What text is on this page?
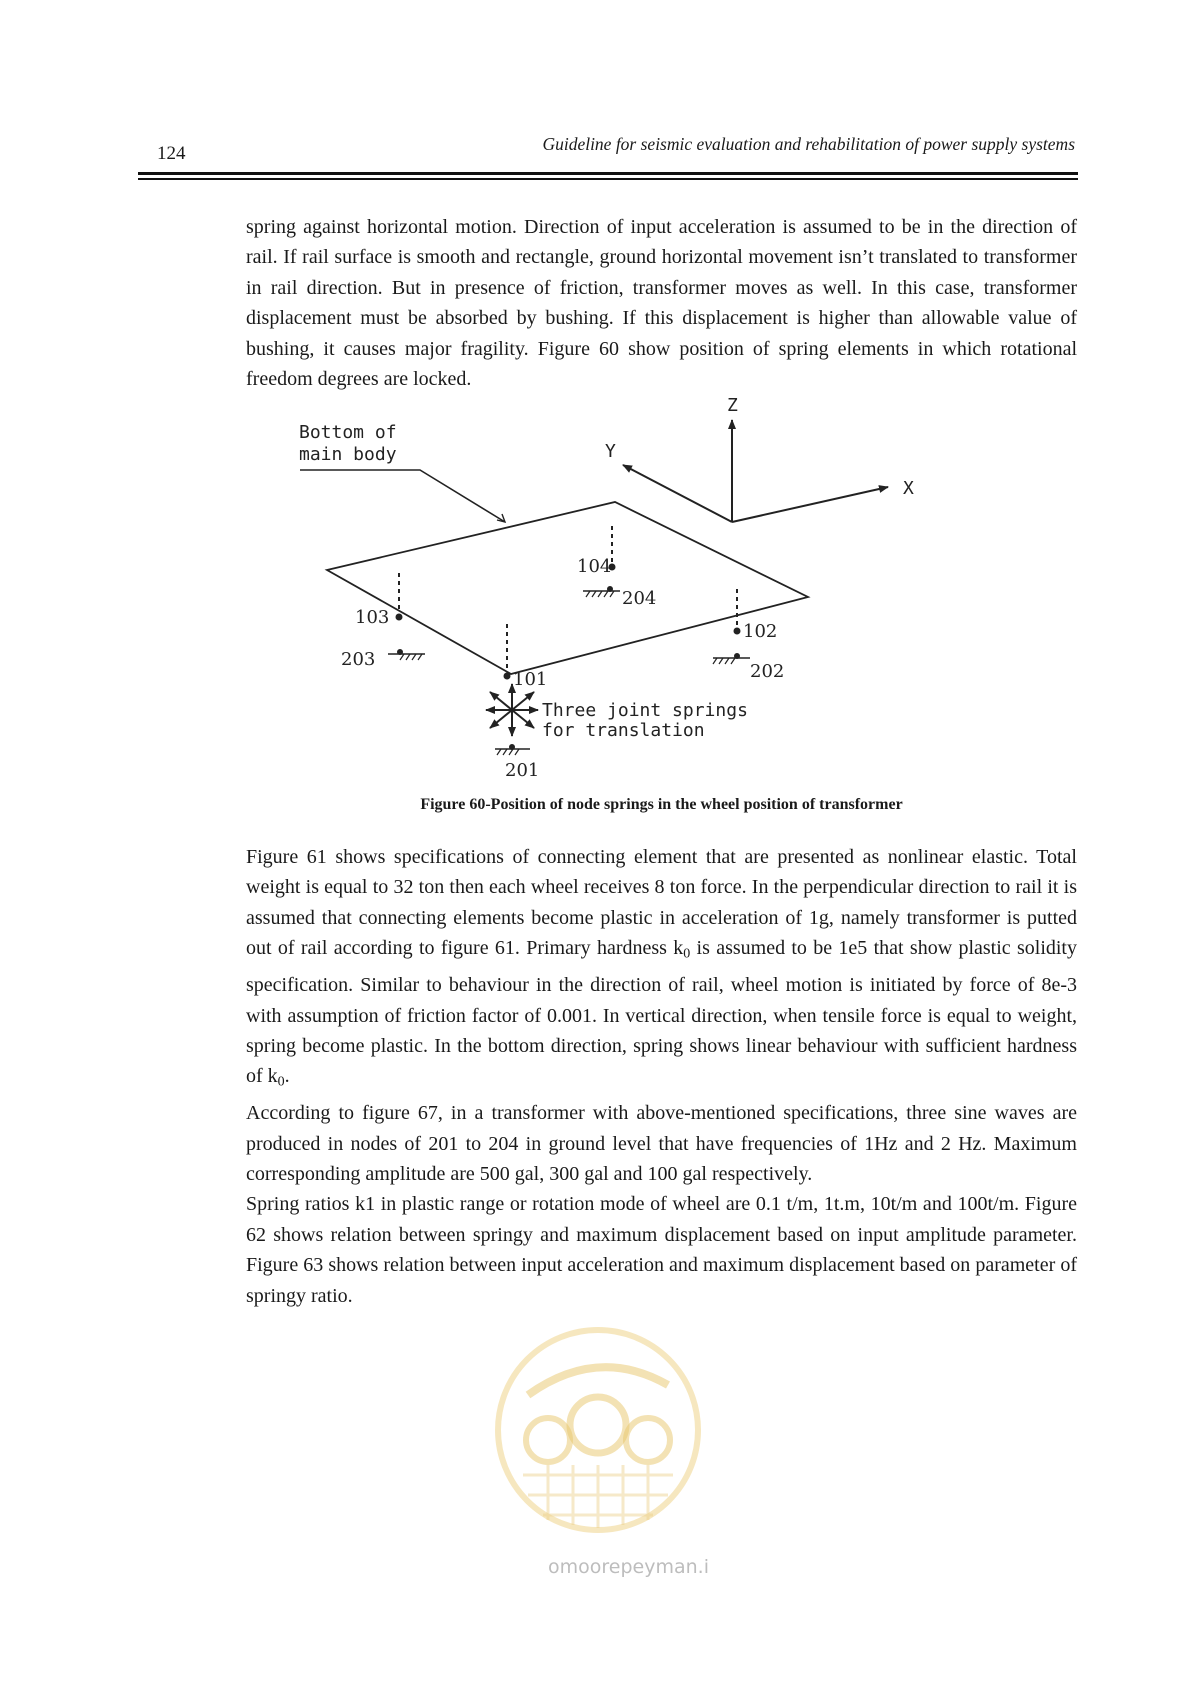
124	Guideline for seismic evaluation and rehabilitation of power supply systems

spring against horizontal motion. Direction of input acceleration is assumed to be in the direction of rail. If rail surface is smooth and rectangle, ground horizontal movement isn’t translated to transformer in rail direction. But in presence of friction, transformer moves as well. In this case, transformer displacement must be absorbed by bushing. If this displacement is higher than allowable value of bushing, it causes major fragility. Figure 60 show position of spring elements in which rotational freedom degrees are locked.

Bottom of
main body
Z
X
Y
104
204
103
203
102
202
101
Three joint springs
for translation
201
Figure 60-Position of node springs in the wheel position of transformer

Figure 61 shows specifications of connecting element that are presented as nonlinear elastic. Total weight is equal to 32 ton then each wheel receives 8 ton force. In the perpendicular direction to rail it is assumed that connecting elements become plastic in acceleration of 1g, namely transformer is putted out of rail according to figure 61. Primary hardness $k_0$ is assumed to be 1e5 that show plastic solidity specification. Similar to behaviour in the direction of rail, wheel motion is initiated by force of 8e-3 with assumption of friction factor of 0.001. In vertical direction, when tensile force is equal to weight, spring become plastic. In the bottom direction, spring shows linear behaviour with sufficient hardness of $k_0$.

According to figure 67, in a transformer with above-mentioned specifications, three sine waves are produced in nodes of 201 to 204 in ground level that have frequencies of 1Hz and 2 Hz. Maximum corresponding amplitude are 500 gal, 300 gal and 100 gal respectively.

Spring ratios k1 in plastic range or rotation mode of wheel are 0.1 t/m, 1t.m, 10t/m and 100t/m. Figure 62 shows relation between springy and maximum displacement based on input amplitude parameter. Figure 63 shows relation between input acceleration and maximum displacement based on parameter of springy ratio.

omoorepeyman.ir
